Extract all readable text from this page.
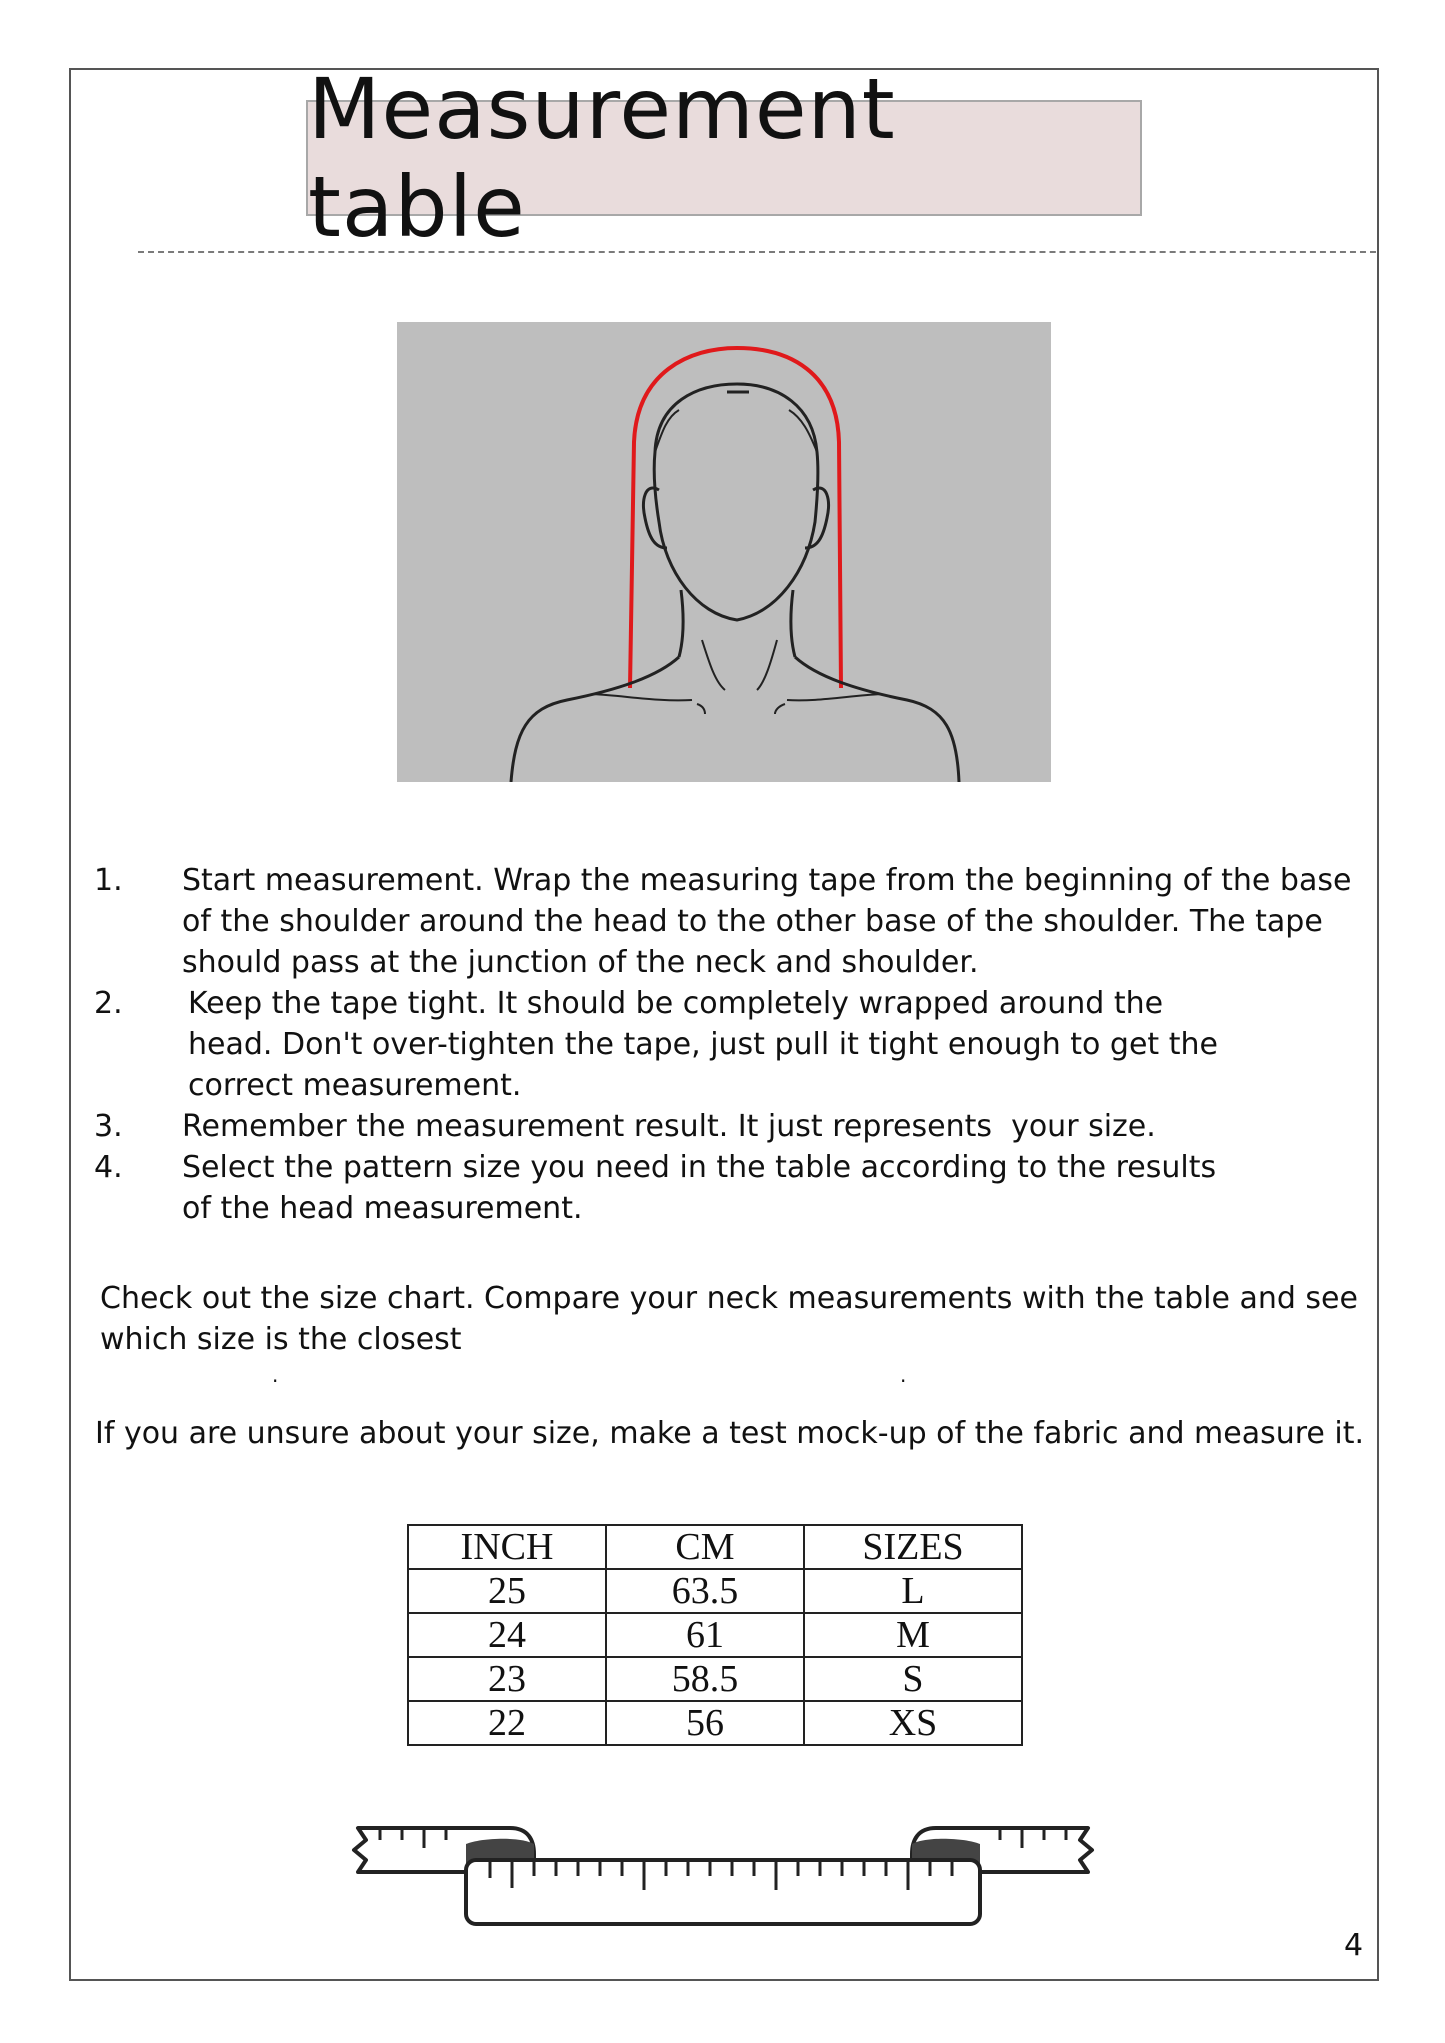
Measurement table
1.	Start measurement. Wrap the measuring tape from the beginning of the base of the shoulder around the head to the other base of the shoulder. The tape should pass at the junction of the neck and shoulder.
2.	Keep the tape tight. It should be completely wrapped around the head. Don't over-tighten the tape, just pull it tight enough to get the correct measurement.
3.	Remember the measurement result. It just represents  your size.
4.	Select the pattern size you need in the table according to the results of the head measurement.
Check out the size chart. Compare your neck measurements with the table and see which size is the closest
.	.
If you are unsure about your size, make a test mock-up of the fabric and measure it.
INCH	CM	SIZES
25	63.5	L
24	61	M
23	58.5	S
22	56	XS
4
